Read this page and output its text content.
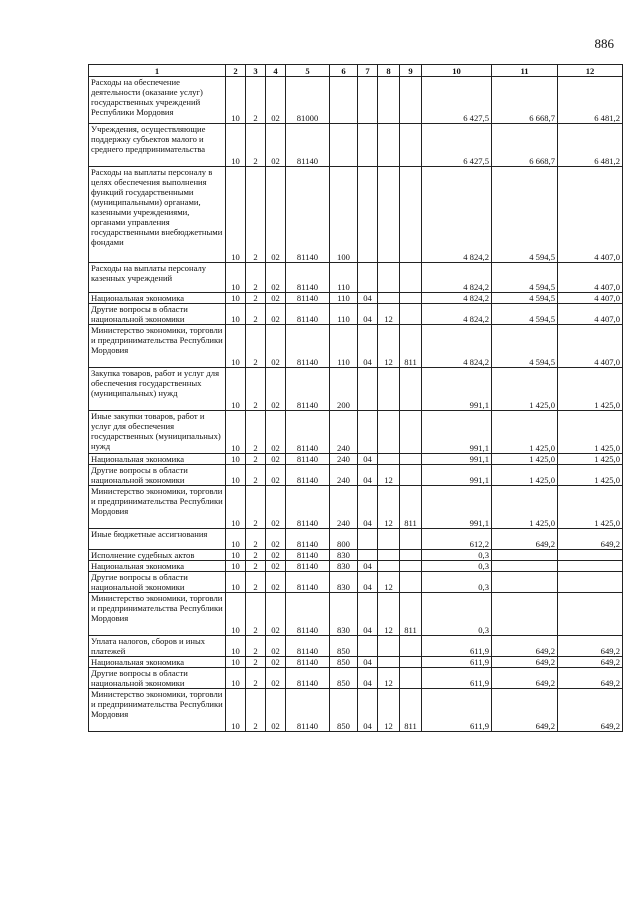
886
1	2	3	4	5	6	7	8	9	10	11	12
Расходы на обеспечение деятельности (оказание услуг) государственных учреждений Республики Мордовия	10	2	02	81000					6 427,5	6 668,7	6 481,2
Учреждения, осуществляющие поддержку субъектов малого и среднего предпринимательства	10	2	02	81140					6 427,5	6 668,7	6 481,2
Расходы на выплаты персоналу в целях обеспечения выполнения функций государственными (муниципальными) органами, казенными учреждениями, органами управления государственными внебюджетными фондами	10	2	02	81140	100				4 824,2	4 594,5	4 407,0
Расходы на выплаты персоналу казенных учреждений	10	2	02	81140	110				4 824,2	4 594,5	4 407,0
Национальная экономика	10	2	02	81140	110	04			4 824,2	4 594,5	4 407,0
Другие вопросы в области национальной экономики	10	2	02	81140	110	04	12		4 824,2	4 594,5	4 407,0
Министерство экономики, торговли и предпринимательства Республики Мордовия	10	2	02	81140	110	04	12	811	4 824,2	4 594,5	4 407,0
Закупка товаров, работ и услуг для обеспечения государственных (муниципальных) нужд	10	2	02	81140	200				991,1	1 425,0	1 425,0
Иные закупки товаров, работ и услуг для обеспечения государственных (муниципальных) нужд	10	2	02	81140	240				991,1	1 425,0	1 425,0
Национальная экономика	10	2	02	81140	240	04			991,1	1 425,0	1 425,0
Другие вопросы в области национальной экономики	10	2	02	81140	240	04	12		991,1	1 425,0	1 425,0
Министерство экономики, торговли и предпринимательства Республики Мордовия	10	2	02	81140	240	04	12	811	991,1	1 425,0	1 425,0
Иные бюджетные ассигнования	10	2	02	81140	800				612,2	649,2	649,2
Исполнение судебных актов	10	2	02	81140	830				0,3		
Национальная экономика	10	2	02	81140	830	04			0,3		
Другие вопросы в области национальной экономики	10	2	02	81140	830	04	12		0,3		
Министерство экономики, торговли и предпринимательства Республики Мордовия	10	2	02	81140	830	04	12	811	0,3		
Уплата налогов, сборов и иных платежей	10	2	02	81140	850				611,9	649,2	649,2
Национальная экономика	10	2	02	81140	850	04			611,9	649,2	649,2
Другие вопросы в области национальной экономики	10	2	02	81140	850	04	12		611,9	649,2	649,2
Министерство экономики, торговли и предпринимательства Республики Мордовия	10	2	02	81140	850	04	12	811	611,9	649,2	649,2
